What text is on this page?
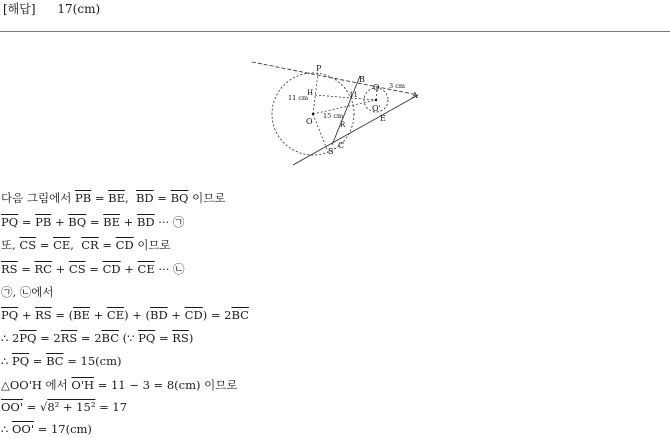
[해답] 17(cm)
P
B
Q
A
E
H
O
O'
R
C
S
11 cm
3 cm
15 cm
11
다음 그림에서 $\overline{PB} = \overline{BE}$,  $\overline{BD} = \overline{BQ}$ 이므로
$\overline{PQ} = \overline{PB} + \overline{BQ} = \overline{BE} + \overline{BD}$ ··· ㉠
또, $\overline{CS} = \overline{CE}$,  $\overline{CR} = \overline{CD}$ 이므로
$\overline{RS} = \overline{RC} + \overline{CS} = \overline{CD} + \overline{CE}$ ··· ㉡
㉠, ㉡에서
$\overline{PQ} + \overline{RS} = (\overline{BE} + \overline{CE}) + (\overline{BD} + \overline{CD}) = 2\overline{BC}$
∴ $2\overline{PQ} = 2\overline{RS} = 2\overline{BC}$ (∵ $\overline{PQ} = \overline{RS}$)
∴ $\overline{PQ} = \overline{BC} = 15(cm)$
△OO'H 에서 O'H = 11 − 3 = 8(cm) 이므로
OO' = √8² + 15² = 17
∴ OO' = 17(cm)
